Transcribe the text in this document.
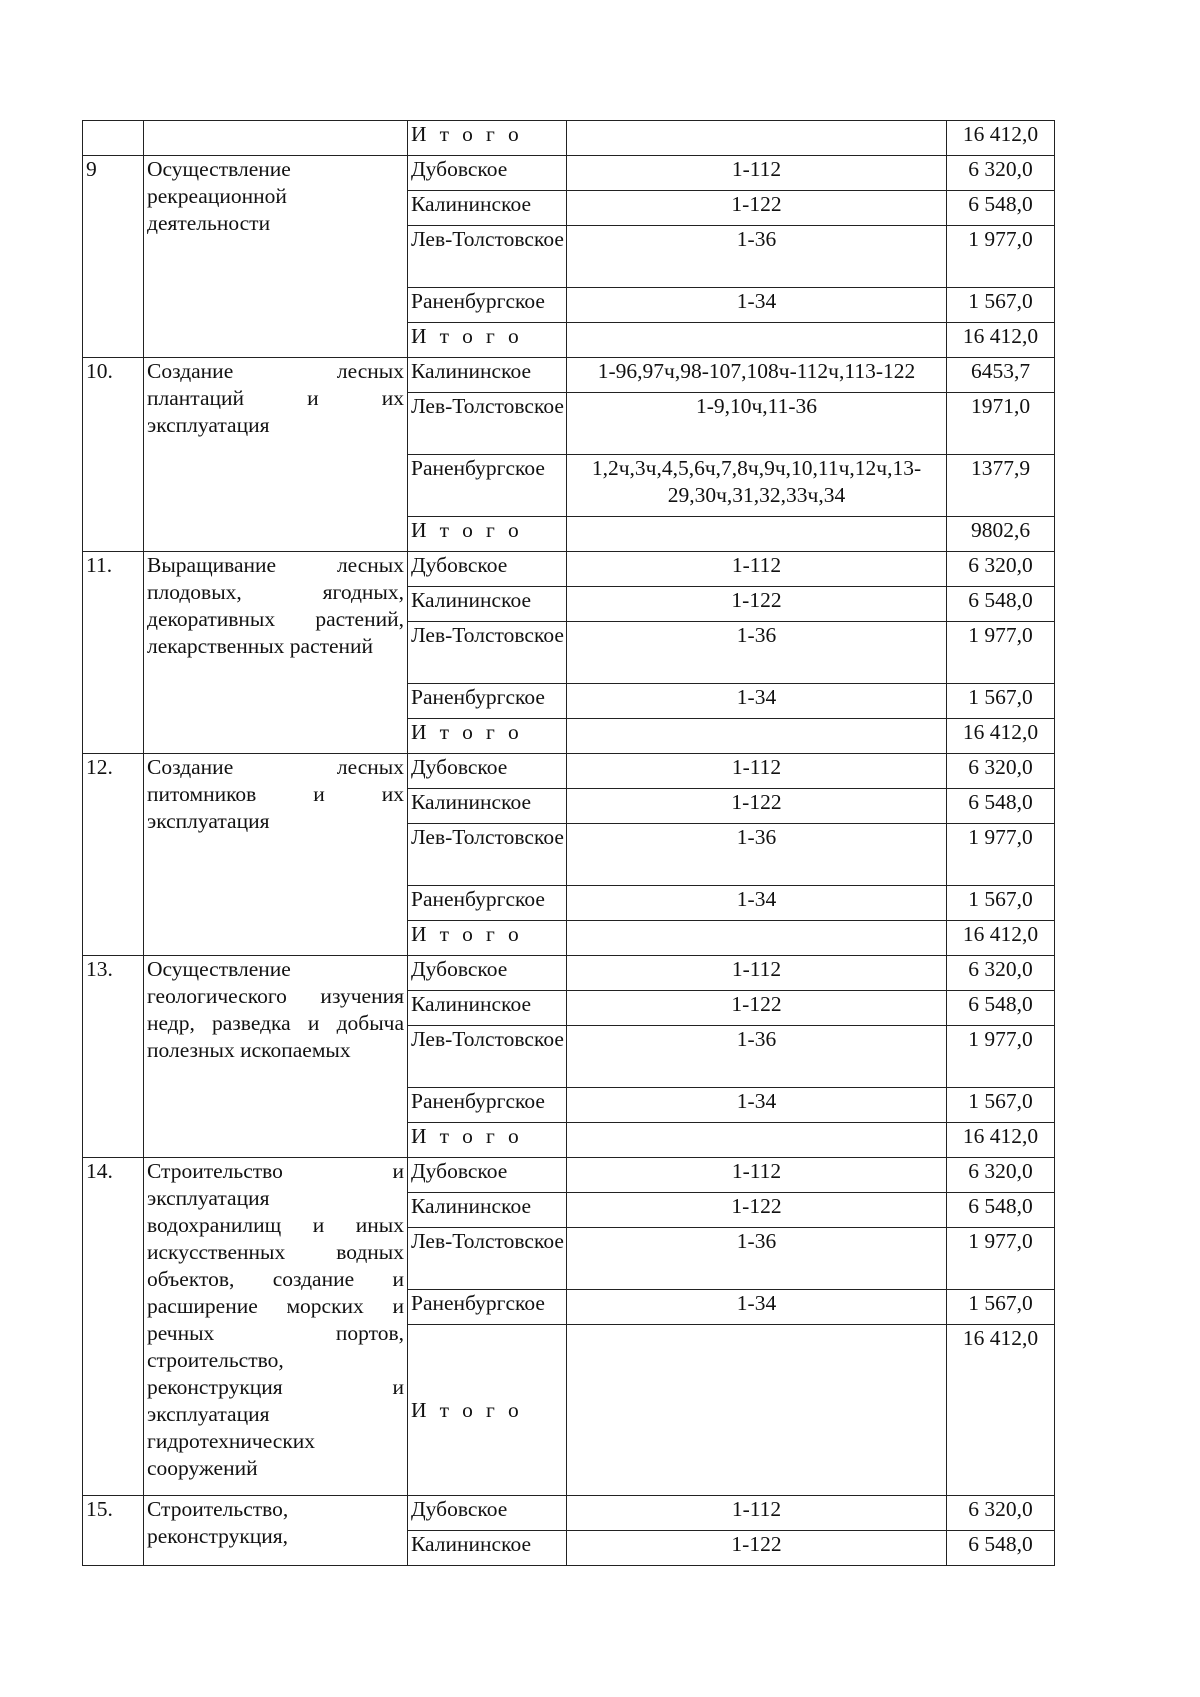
		И т о г о		16 412,0
9	Осуществление рекреационной деятельности	Дубовское	1-112	6 320,0
		Калининское	1-122	6 548,0
		Лев-Толстовское	1-36	1 977,0
		Раненбургское	1-34	1 567,0
		И т о г о		16 412,0
10.	Создание лесных плантаций и их эксплуатация	Калининское	1-96,97ч,98-107,108ч-112ч,113-122	6453,7
		Лев-Толстовское	1-9,10ч,11-36	1971,0
		Раненбургское	1,2ч,3ч,4,5,6ч,7,8ч,9ч,10,11ч,12ч,13-29,30ч,31,32,33ч,34	1377,9
		И т о г о		9802,6
11.	Выращивание лесных плодовых, ягодных, декоративных растений, лекарственных растений	Дубовское	1-112	6 320,0
		Калининское	1-122	6 548,0
		Лев-Толстовское	1-36	1 977,0
		Раненбургское	1-34	1 567,0
		И т о г о		16 412,0
12.	Создание лесных питомников и их эксплуатация	Дубовское	1-112	6 320,0
		Калининское	1-122	6 548,0
		Лев-Толстовское	1-36	1 977,0
		Раненбургское	1-34	1 567,0
		И т о г о		16 412,0
13.	Осуществление геологического изучения недр, разведка и добыча полезных ископаемых	Дубовское	1-112	6 320,0
		Калининское	1-122	6 548,0
		Лев-Толстовское	1-36	1 977,0
		Раненбургское	1-34	1 567,0
		И т о г о		16 412,0
14.	Строительство и эксплуатация водохранилищ и иных искусственных водных объектов, создание и расширение морских и речных портов, строительство, реконструкция и эксплуатация гидротехнических сооружений	Дубовское	1-112	6 320,0
		Калининское	1-122	6 548,0
		Лев-Толстовское	1-36	1 977,0
		Раненбургское	1-34	1 567,0
		И т о г о		16 412,0
15.	Строительство, реконструкция,	Дубовское	1-112	6 320,0
		Калининское	1-122	6 548,0
